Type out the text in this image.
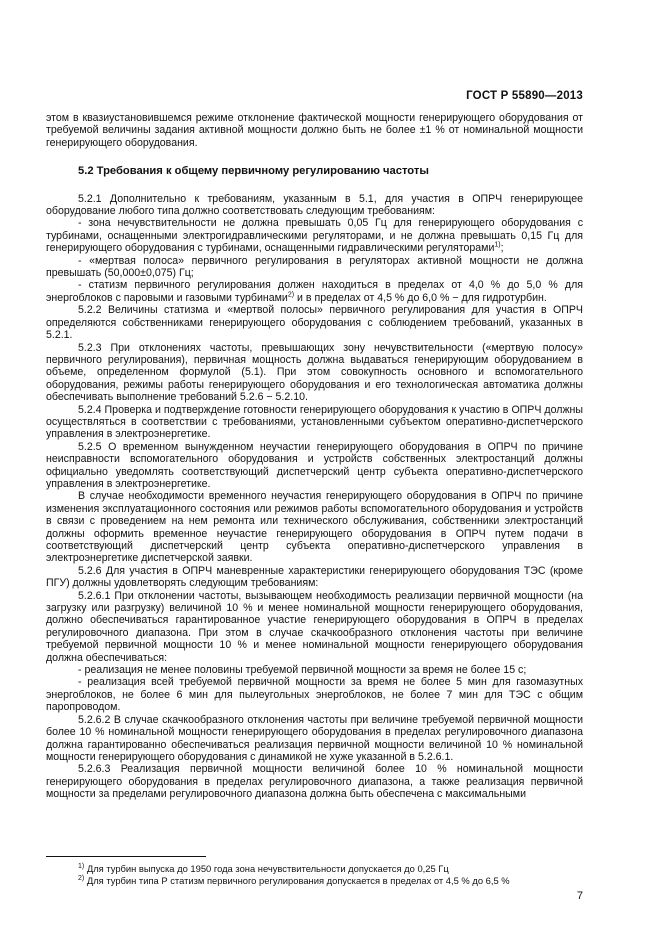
ГОСТ Р 55890—2013

этом в квазиустановившемся режиме отклонение фактической мощности генерирующего оборудования от требуемой величины задания активной мощности должно быть не более ±1 % от номинальной мощности генерирующего оборудования.

5.2 Требования к общему первичному регулированию частоты

5.2.1 Дополнительно к требованиям, указанным в 5.1, для участия в ОПРЧ генерирующее оборудование любого типа должно соответствовать следующим требованиям:

- зона нечувствительности не должна превышать 0,05 Гц для генерирующего оборудования с турбинами, оснащенными электрогидравлическими регуляторами, и не должна превышать 0,15 Гц для генерирующего оборудования с турбинами, оснащенными гидравлическими регуляторами$^{1)}$;

- «мертвая полоса» первичного регулирования в регуляторах активной мощности не должна превышать (50,000±0,075) Гц;

- статизм первичного регулирования должен находиться в пределах от 4,0 % до 5,0 % для энергоблоков с паровыми и газовыми турбинами$^{2)}$ и в пределах от 4,5 % до 6,0 % − для гидротурбин.

5.2.2 Величины статизма и «мертвой полосы» первичного регулирования для участия в ОПРЧ определяются собственниками генерирующего оборудования с соблюдением требований, указанных в 5.2.1.

5.2.3 При отклонениях частоты, превышающих зону нечувствительности («мертвую полосу» первичного регулирования), первичная мощность должна выдаваться генерирующим оборудованием в объеме, определенном формулой (5.1). При этом совокупность основного и вспомогательного оборудования, режимы работы генерирующего оборудования и его технологическая автоматика должны обеспечивать выполнение требований 5.2.6 − 5.2.10.

5.2.4 Проверка и подтверждение готовности генерирующего оборудования к участию в ОПРЧ должны осуществляться в соответствии с требованиями, установленными субъектом оперативно-диспетчерского управления в электроэнергетике.

5.2.5 О временном вынужденном неучастии генерирующего оборудования в ОПРЧ по причине неисправности вспомогательного оборудования и устройств собственных электростанций должны официально уведомлять соответствующий диспетчерский центр субъекта оперативно-диспетчерского управления в электроэнергетике.

В случае необходимости временного неучастия генерирующего оборудования в ОПРЧ по причине изменения эксплуатационного состояния или режимов работы вспомогательного оборудования и устройств в связи с проведением на нем ремонта или технического обслуживания, собственники электростанций должны оформить временное неучастие генерирующего оборудования в ОПРЧ путем подачи в соответствующий диспетчерский центр субъекта оперативно-диспетчерского управления в электроэнергетике диспетчерской заявки.

5.2.6 Для участия в ОПРЧ маневренные характеристики генерирующего оборудования ТЭС (кроме ПГУ) должны удовлетворять следующим требованиям:

5.2.6.1 При отклонении частоты, вызывающем необходимость реализации первичной мощности (на загрузку или разгрузку) величиной 10 % и менее номинальной мощности генерирующего оборудования, должно обеспечиваться гарантированное участие генерирующего оборудования в ОПРЧ в пределах регулировочного диапазона. При этом в случае скачкообразного отклонения частоты при величине требуемой первичной мощности 10 % и менее номинальной мощности генерирующего оборудования должна обеспечиваться:

- реализация не менее половины требуемой первичной мощности за время не более 15 с;

- реализация всей требуемой первичной мощности за время не более 5 мин для газомазутных энергоблоков, не более 6 мин для пылеугольных энергоблоков, не более 7 мин для ТЭС с общим паропроводом.

5.2.6.2 В случае скачкообразного отклонения частоты при величине требуемой первичной мощности более 10 % номинальной мощности генерирующего оборудования в пределах регулировочного диапазона должна гарантированно обеспечиваться реализация первичной мощности величиной 10 % номинальной мощности генерирующего оборудования с динамикой не хуже указанной в 5.2.6.1.

5.2.6.3 Реализация первичной мощности величиной более 10 % номинальной мощности генерирующего оборудования в пределах регулировочного диапазона, а также реализация первичной мощности за пределами регулировочного диапазона должна быть обеспечена с максимальными

$^{1)}$ Для турбин выпуска до 1950 года зона нечувствительности допускается до 0,25 Гц
$^{2)}$ Для турбин типа Р статизм первичного регулирования допускается в пределах от 4,5 % до 6,5 %
7
